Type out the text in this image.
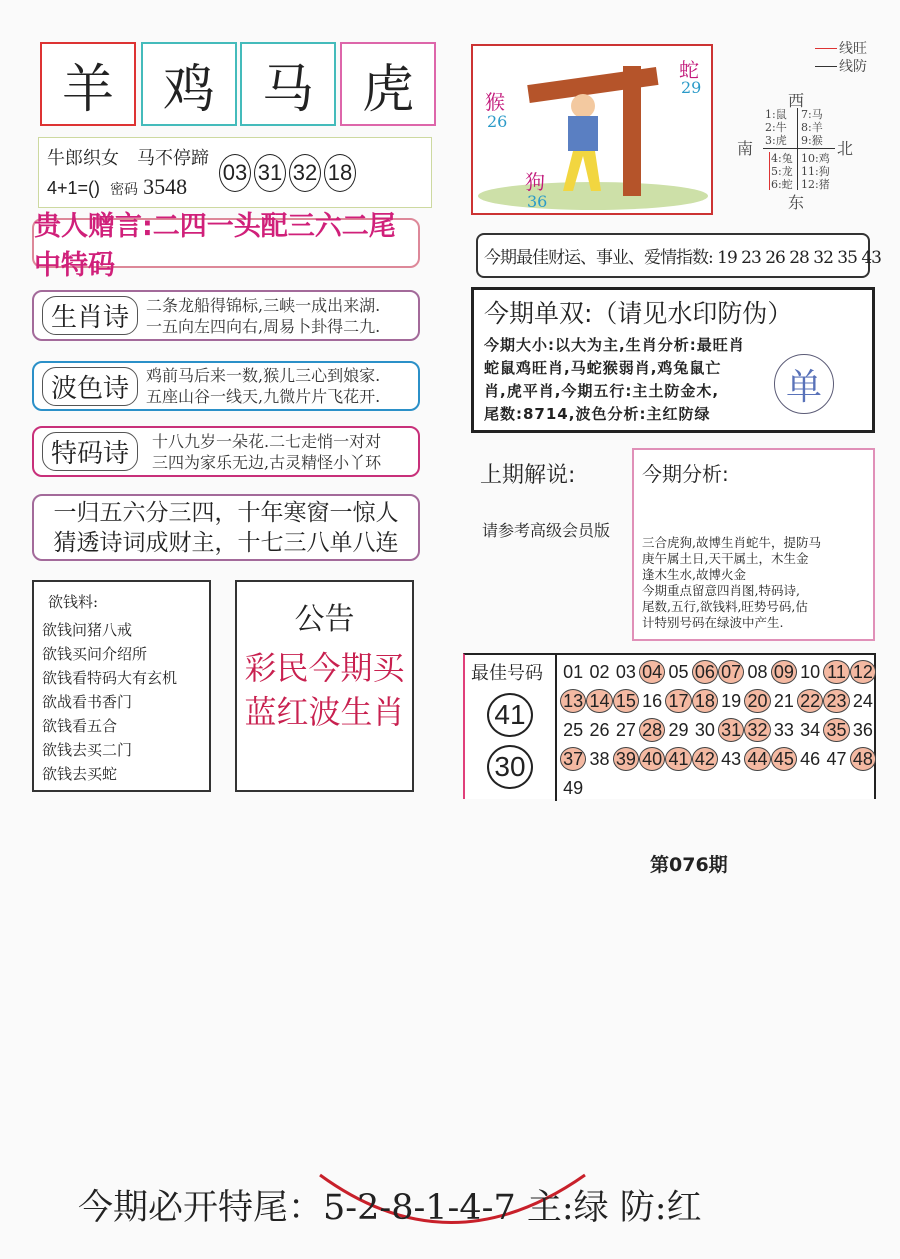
羊 鸡 马 虎
牛郎织女　马不停蹄
4+1=() 密码 3548
03 31 32 18
贵人赠言:二四一头配三六二尾中特码
生肖诗	二条龙船得锦标,三峡一成出来湖.
一五向左四向右,周易卜卦得二九.
波色诗	鸡前马后来一数,猴儿三心到娘家.
五座山谷一线天,九微片片飞花开.
特码诗	十八九岁一朵花.二七走悄一对对
三四为家乐无边,古灵精怪小丫环
一归五六分三四，十年寒窗一惊人
猜透诗词成财主，十七三八单八连
欲钱料:
欲钱问猪八戒
欲钱买问介绍所
欲钱看特码大有玄机
欲战看书香门
欲钱看五合
欲钱去买二门
欲钱去买蛇
公告
彩民今期买
蓝红波生肖
猴
26
蛇
29
狗
36
线旺
线防
西
南	北
东
1:鼠
2:牛
3:虎
7:马
8:羊
9:猴
4:兔
5:龙
6:蛇
10:鸡
11:狗
12:猪
今期最佳财运、事业、爱情指数: 19 23 26 28 32 35 43
今期单双:（请见水印防伪）
今期大小:以大为主,生肖分析:最旺肖
蛇鼠鸡旺肖,马蛇猴弱肖,鸡兔鼠亡
肖,虎平肖,今期五行:主土防金木,
尾数:8714,波色分析:主红防绿
单
上期解说:
请参考高级会员版
今期分析:
三合虎狗,故博生肖蛇牛，提防马
庚午属土日,天干属土，木生金
逢木生水,故博火金
今期重点留意四肖图,特码诗,
尾数,五行,欲钱料,旺势号码,估
计特别号码在绿波中产生.
最佳号码
41
30
01 02 03 04 05 06 07 08 09 10 11 12
13 14 15 16 17 18 19 20 21 22 23 24
25 26 27 28 29 30 31 32 33 34 35 36
37 38 39 40 41 42 43 44 45 46 47 48
49
第076期
今期必开特尾：5-2-8-1-4-7 主:绿 防:红
